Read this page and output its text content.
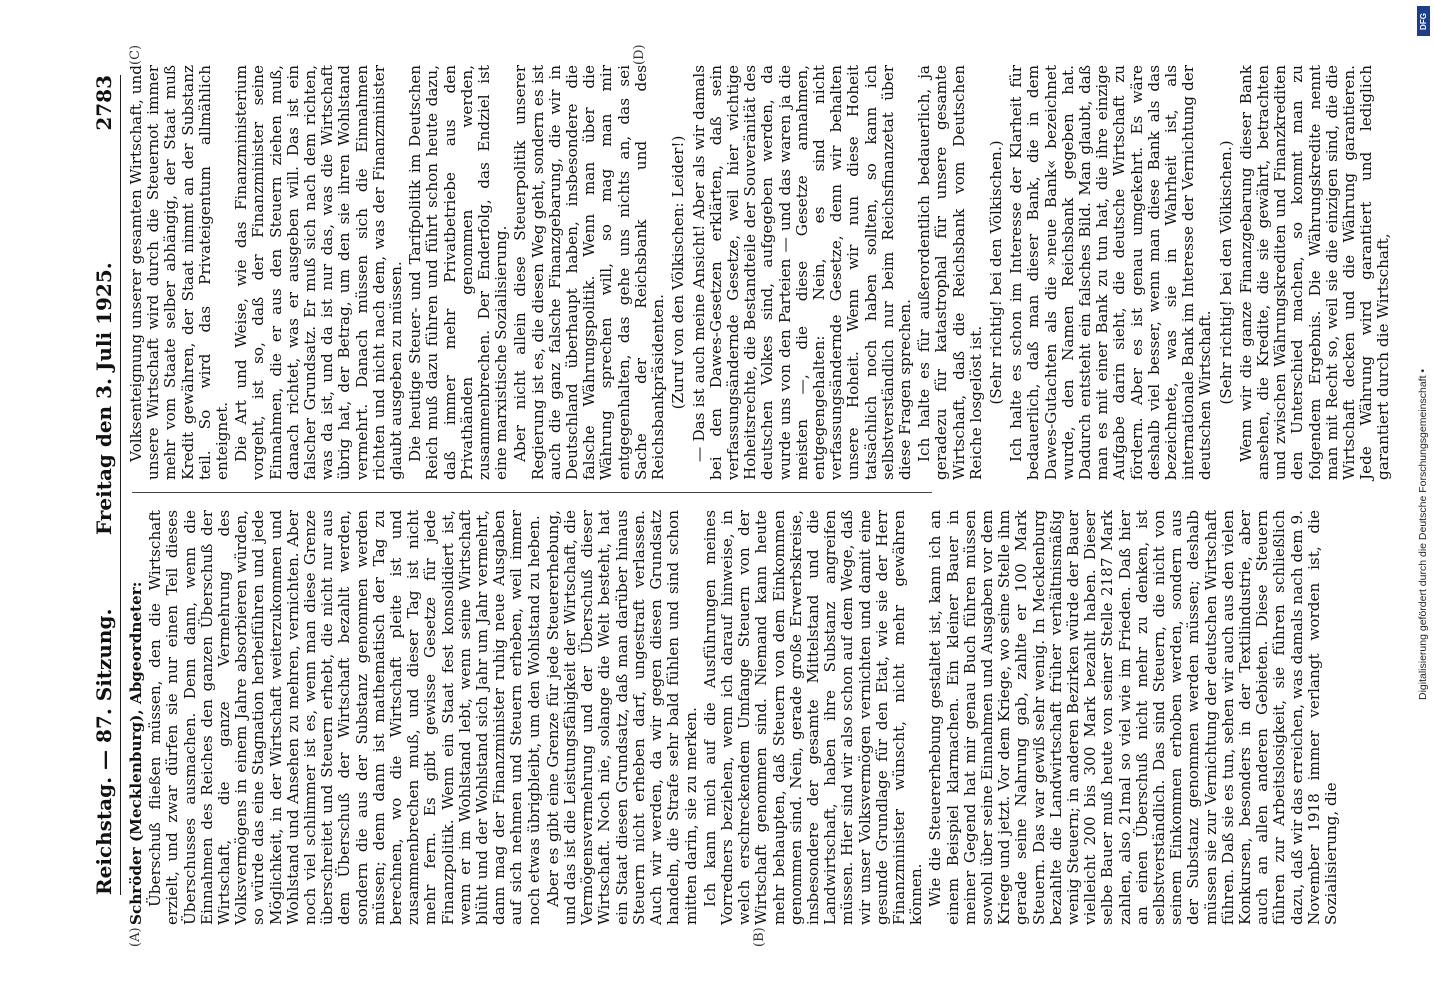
Reichstag. — 87. Sitzung.
Freitag den 3. Juli 1925.
2783
(A)	(B)
(C)	(D)

Schröder (Mecklenburg), Abgeordneter: Überschuß fließen müssen, den die Wirtschaft erzielt, und zwar dürfen sie nur einen Teil dieses Überschusses ausmachen. Denn dann, wenn die Einnahmen des Reiches den ganzen Überschuß der Wirtschaft, die ganze Vermehrung des Volksvermögens in einem Jahre absorbieren würden, so würde das eine Stagnation herbeiführen und jede Möglichkeit, in der Wirtschaft weiterzukommen und Wohlstand und Ansehen zu mehren, vernichten. Aber noch viel schlimmer ist es, wenn man diese Grenze überschreitet und Steuern erhebt, die nicht nur aus dem Überschuß der Wirtschaft bezahlt werden, sondern die aus der Substanz genommen werden müssen; denn dann ist mathematisch der Tag zu berechnen, wo die Wirtschaft pleite ist und zusammenbrechen muß, und dieser Tag ist nicht mehr fern. Es gibt gewisse Gesetze für jede Finanzpolitik. Wenn ein Staat fest konsolidiert ist, wenn er im Wohlstand lebt, wenn seine Wirtschaft blüht und der Wohlstand sich Jahr um Jahr vermehrt, dann mag der Finanzminister ruhig neue Ausgaben auf sich nehmen und Steuern erheben, weil immer noch etwas übrigbleibt, um den Wohlstand zu heben. Aber es gibt eine Grenze für jede Steuererhebung, und das ist die Leistungsfähigkeit der Wirtschaft, die Vermögensvermehrung und der Überschuß dieser Wirtschaft. Noch nie, solange die Welt besteht, hat ein Staat diesen Grundsatz, daß man darüber hinaus Steuern nicht erheben darf, ungestraft verlassen. Auch wir werden, da wir gegen diesen Grundsatz handeln, die Strafe sehr bald fühlen und sind schon mitten darin, sie zu merken. Ich kann mich auf die Ausführungen meines Vorredners beziehen, wenn ich darauf hinweise, in welch erschreckendem Umfange Steuern von der Wirtschaft genommen sind. Niemand kann heute mehr behaupten, daß Steuern von dem Einkommen genommen sind. Nein, gerade große Erwerbskreise, insbesondere der gesamte Mittelstand und die Landwirtschaft, haben ihre Substanz angreifen müssen. Hier sind wir also schon auf dem Wege, daß wir unser Volksvermögen vernichten und damit eine gesunde Grundlage für den Etat, wie sie der Herr Finanzminister wünscht, nicht mehr gewähren können. Wie die Steuererhebung gestaltet ist, kann ich an einem Beispiel klarmachen. Ein kleiner Bauer in meiner Gegend hat mir genau Buch führen müssen sowohl über seine Einnahmen und Ausgaben vor dem Kriege und jetzt. Vor dem Kriege, wo seine Stelle ihm gerade seine Nahrung gab, zahlte er 100 Mark Steuern. Das war gewiß sehr wenig. In Mecklenburg bezahlte die Landwirtschaft früher verhältnismäßig wenig Steuern; in anderen Bezirken würde der Bauer vielleicht 200 bis 300 Mark bezahlt haben. Dieser selbe Bauer muß heute von seiner Stelle 2187 Mark zahlen, also 21mal so viel wie im Frieden. Daß hier an einen Überschuß nicht mehr zu denken, ist selbstverständlich. Das sind Steuern, die nicht von seinem Einkommen erhoben werden, sondern aus der Substanz genommen werden müssen; deshalb müssen sie zur Vernichtung der deutschen Wirtschaft führen. Daß sie es tun, sehen wir auch aus den vielen Konkursen, besonders in der Textilindustrie, aber auch an allen anderen Gebieten. Diese Steuern führen zur Arbeitslosigkeit, sie führen schließlich dazu, daß wir das erreichen, was damals nach dem 9. November 1918 immer verlangt worden ist, die Sozialisierung, die

Volksenteignung unserer gesamten Wirtschaft, und unsere Wirtschaft wird durch die Steuernot immer mehr vom Staate selber abhängig, der Staat muß Kredit gewähren, der Staat nimmt an der Substanz teil. So wird das Privateigentum allmählich enteignet. Die Art und Weise, wie das Finanzministerium vorgeht, ist so, daß der Finanzminister seine Einnahmen, die er aus den Steuern ziehen muß, danach richtet, was er ausgeben will. Das ist ein falscher Grundsatz. Er muß sich nach dem richten, was da ist, und da ist nur das, was die Wirtschaft übrig hat, der Betrag, um den sie ihren Wohlstand vermehrt. Danach müssen sich die Einnahmen richten und nicht nach dem, was der Finanzminister glaubt ausgeben zu müssen. Die heutige Steuer- und Tarifpolitik im Deutschen Reich muß dazu führen und führt schon heute dazu, daß immer mehr Privatbetriebe aus den Privathänden genommen werden, zusammenbrechen. Der Enderfolg, das Endziel ist eine marxistische Sozialisierung. Aber nicht allein diese Steuerpolitik unserer Regierung ist es, die diesen Weg geht, sondern es ist auch die ganz falsche Finanzgebarung, die wir in Deutschland überhaupt haben, insbesondere die falsche Währungspolitik. Wenn man über die Währung sprechen will, so mag man mir entgegenhalten, das gehe uns nichts an, das sei Sache der Reichsbank und des Reichsbankpräsidenten. (Zuruf von den Völkischen: Leider!) — Das ist auch meine Ansicht! Aber als wir damals bei den Dawes-Gesetzen erklärten, daß sein verfassungsändernde Gesetze, weil hier wichtige Hoheitsrechte, die Bestandteile der Souveränität des deutschen Volkes sind, aufgegeben werden, da wurde uns von den Parteien — und das waren ja die meisten —, die diese Gesetze annahmen, entgegengehalten: Nein, es sind nicht verfassungsändernde Gesetze, denn wir behalten unsere Hoheit. Wenn wir nun diese Hoheit tatsächlich noch haben sollten, so kann ich selbstverständlich nur beim Reichsfinanzetat über diese Fragen sprechen. Ich halte es für außerordentlich bedauerlich, ja geradezu für katastrophal für unsere gesamte Wirtschaft, daß die Reichsbank vom Deutschen Reiche losgelöst ist. (Sehr richtig! bei den Völkischen.) Ich halte es schon im Interesse der Klarheit für bedauerlich, daß man dieser Bank, die in dem Dawes-Gutachten als die »neue Bank« bezeichnet wurde, den Namen Reichsbank gegeben hat. Dadurch entsteht ein falsches Bild. Man glaubt, daß man es mit einer Bank zu tun hat, die ihre einzige Aufgabe darin sieht, die deutsche Wirtschaft zu fördern. Aber es ist genau umgekehrt. Es wäre deshalb viel besser, wenn man diese Bank als das bezeichnete, was sie in Wahrheit ist, als internationale Bank im Interesse der Vernichtung der deutschen Wirtschaft. (Sehr richtig! bei den Völkischen.) Wenn wir die ganze Finanzgebarung dieser Bank ansehen, die Kredite, die sie gewährt, betrachten und zwischen Währungskrediten und Finanzkrediten den Unterschied machen, so kommt man zu folgendem Ergebnis. Die Währungskredite nennt man mit Recht so, weil sie die einzigen sind, die die Wirtschaft decken und die Währung garantieren. Jede Währung wird garantiert und lediglich garantiert durch die Wirtschaft,

DFG
Digitalisierung gefördert durch die Deutsche Forschungsgemeinschaft •
